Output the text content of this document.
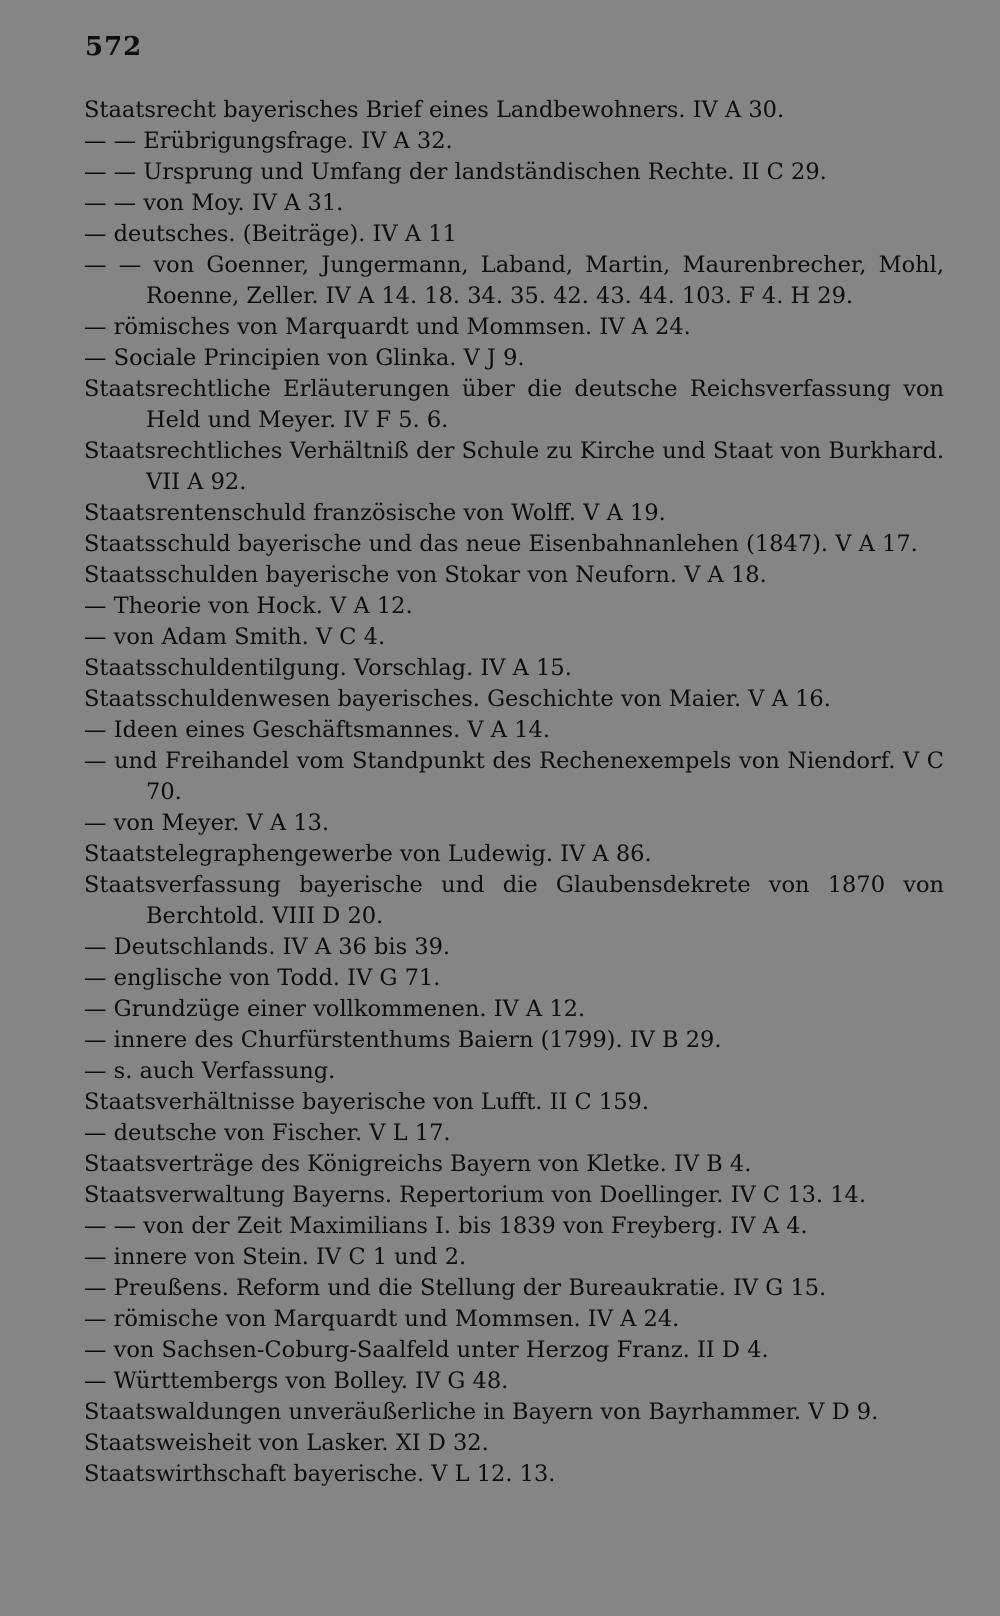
572
Staatsrecht bayerisches Brief eines Landbewohners. IV A 30.
— — Erübrigungsfrage. IV A 32.
— — Ursprung und Umfang der landständischen Rechte. II C 29.
— — von Moy. IV A 31.
— deutsches. (Beiträge). IV A 11
— — von Goenner, Jungermann, Laband, Martin, Maurenbrecher, Mohl, Roenne, Zeller. IV A 14. 18. 34. 35. 42. 43. 44. 103. F 4. H 29.
— römisches von Marquardt und Mommsen. IV A 24.
— Sociale Principien von Glinka. V J 9.
Staatsrechtliche Erläuterungen über die deutsche Reichsverfassung von Held und Meyer. IV F 5. 6.
Staatsrechtliches Verhältniß der Schule zu Kirche und Staat von Burkhard. VII A 92.
Staatsrentenschuld französische von Wolff. V A 19.
Staatsschuld bayerische und das neue Eisenbahnanlehen (1847). V A 17.
Staatsschulden bayerische von Stokar von Neuforn. V A 18.
— Theorie von Hock. V A 12.
— von Adam Smith. V C 4.
Staatsschuldentilgung. Vorschlag. IV A 15.
Staatsschuldenwesen bayerisches. Geschichte von Maier. V A 16.
— Ideen eines Geschäftsmannes. V A 14.
— und Freihandel vom Standpunkt des Rechenexempels von Niendorf. V C 70.
— von Meyer. V A 13.
Staatstelegraphengewerbe von Ludewig. IV A 86.
Staatsverfassung bayerische und die Glaubensdekrete von 1870 von Berchtold. VIII D 20.
— Deutschlands. IV A 36 bis 39.
— englische von Todd. IV G 71.
— Grundzüge einer vollkommenen. IV A 12.
— innere des Churfürstenthums Baiern (1799). IV B 29.
— s. auch Verfassung.
Staatsverhältnisse bayerische von Lufft. II C 159.
— deutsche von Fischer. V L 17.
Staatsverträge des Königreichs Bayern von Kletke. IV B 4.
Staatsverwaltung Bayerns. Repertorium von Doellinger. IV C 13. 14.
— — von der Zeit Maximilians I. bis 1839 von Freyberg. IV A 4.
— innere von Stein. IV C 1 und 2.
— Preußens. Reform und die Stellung der Bureaukratie. IV G 15.
— römische von Marquardt und Mommsen. IV A 24.
— von Sachsen-Coburg-Saalfeld unter Herzog Franz. II D 4.
— Württembergs von Bolley. IV G 48.
Staatswaldungen unveräußerliche in Bayern von Bayrhammer. V D 9.
Staatsweisheit von Lasker. XI D 32.
Staatswirthschaft bayerische. V L 12. 13.
